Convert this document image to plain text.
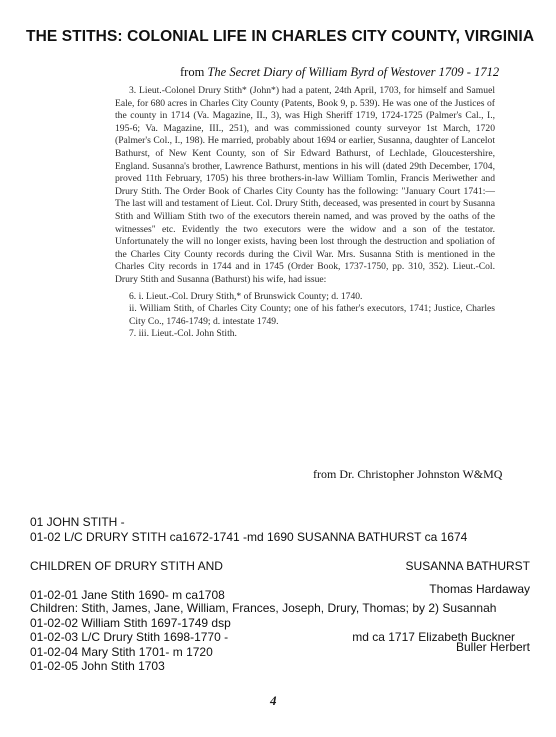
THE STITHS: COLONIAL LIFE IN CHARLES CITY COUNTY, VIRGINIA
from The Secret Diary of William Byrd of Westover 1709 - 1712

3. Lieut.-Colonel Drury Stith* (John*) had a patent, 24th April, 1703, for himself and Samuel Eale, for 680 acres in Charles City County (Patents, Book 9, p. 539). He was one of the Justices of the county in 1714 (Va. Magazine, II., 3), was High Sheriff 1719, 1724-1725 (Palmer's Cal., I., 195-6; Va. Magazine, III., 251), and was commissioned county surveyor 1st March, 1720 (Palmer's Col., I., 198). He married, probably about 1694 or earlier, Susanna, daughter of Lancelot Bathurst, of New Kent County, son of Sir Edward Bathurst, of Lechlade, Gloucestershire, England. Susanna's brother, Lawrence Bathurst, mentions in his will (dated 29th December, 1704, proved 11th February, 1705) his three brothers-in-law William Tomlin, Francis Meriwether and Drury Stith. The Order Book of Charles City County has the following: "January Court 1741:—The last will and testament of Lieut. Col. Drury Stith, deceased, was presented in court by Susanna Stith and William Stith two of the executors therein named, and was proved by the oaths of the witnesses" etc. Evidently the two executors were the widow and a son of the testator. Unfortunately the will no longer exists, having been lost through the destruction and spoliation of the Charles City County records during the Civil War. Mrs. Susanna Stith is mentioned in the Charles City records in 1744 and in 1745 (Order Book, 1737-1750, pp. 310, 352). Lieut.-Col. Drury Stith and Susanna (Bathurst) his wife, had issue:

6. i. Lieut.-Col. Drury Stith,* of Brunswick County; d. 1740.

ii. William Stith, of Charles City County; one of his father's executors, 1741; Justice, Charles City Co., 1746-1749; d. intestate 1749.

7. iii. Lieut.-Col. John Stith.

from Dr. Christopher Johnston W&MQ
01 JOHN STITH -
01-02 L/C DRURY STITH ca1672-1741 -md 1690 SUSANNA BATHURST ca 1674
CHILDREN OF DRURY STITH AND	SUSANNA BATHURST
01-02-01 Jane Stith 1690- m ca1708	Thomas Hardaway
Children: Stith, James, Jane, William, Frances, Joseph, Drury, Thomas; by 2) Susannah
01-02-02 William Stith 1697-1749 dsp
01-02-03 L/C Drury Stith 1698-1770 -	md ca 1717 Elizabeth Buckner
01-02-04 Mary Stith 1701- m 1720	Buller Herbert
01-02-05 John Stith 1703
4
